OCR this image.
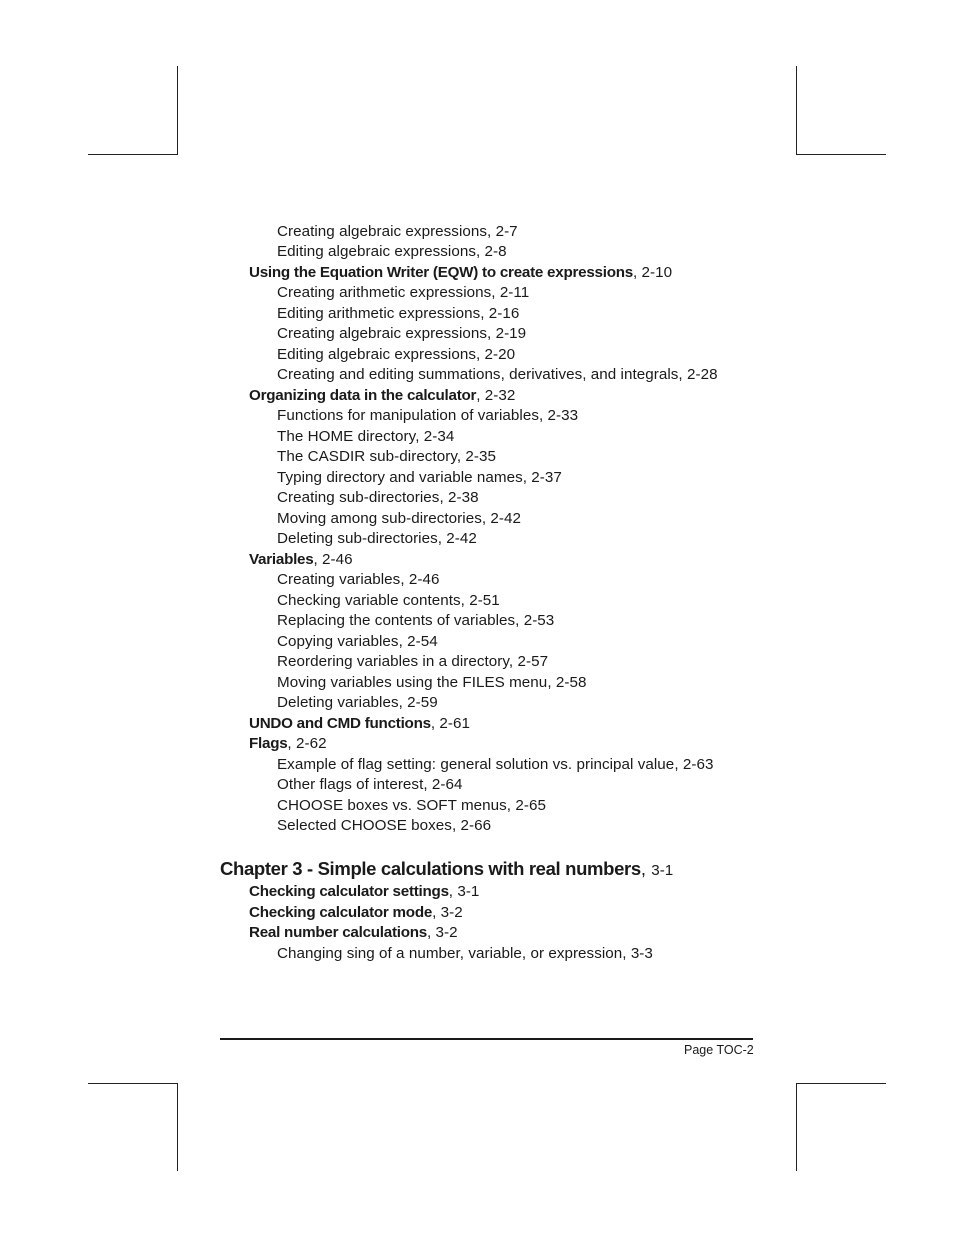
Creating algebraic expressions, 2-7
Editing algebraic expressions, 2-8
Using the Equation Writer (EQW) to create expressions, 2-10
Creating arithmetic expressions, 2-11
Editing arithmetic expressions, 2-16
Creating algebraic expressions, 2-19
Editing algebraic expressions, 2-20
Creating and editing summations, derivatives, and integrals, 2-28
Organizing data in the calculator, 2-32
Functions for manipulation of variables, 2-33
The HOME directory, 2-34
The CASDIR sub-directory, 2-35
Typing directory and variable names, 2-37
Creating sub-directories, 2-38
Moving among sub-directories, 2-42
Deleting sub-directories, 2-42
Variables, 2-46
Creating variables, 2-46
Checking variable contents, 2-51
Replacing the contents of variables, 2-53
Copying variables, 2-54
Reordering variables in a directory, 2-57
Moving variables using the FILES menu, 2-58
Deleting variables, 2-59
UNDO and CMD functions, 2-61
Flags, 2-62
Example of flag setting: general solution vs. principal value, 2-63
Other flags of interest, 2-64
CHOOSE boxes vs. SOFT menus, 2-65
Selected CHOOSE boxes, 2-66
Chapter 3 - Simple calculations with real numbers, 3-1
Checking calculator settings, 3-1
Checking calculator mode, 3-2
Real number calculations, 3-2
Changing sing of a number, variable, or expression, 3-3
Page TOC-2
